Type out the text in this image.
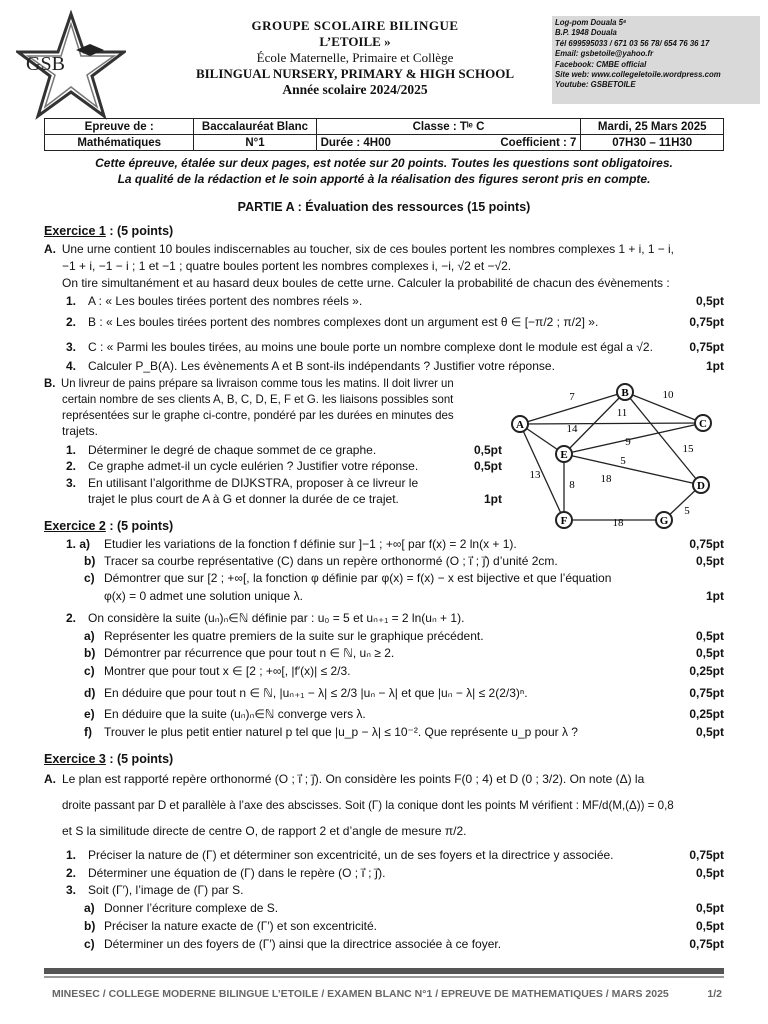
GSB
GROUPE SCOLAIRE BILINGUE
L’ETOILE »
École Maternelle, Primaire et Collège
BILINGUAL NURSERY, PRIMARY & HIGH SCHOOL
Année scolaire 2024/2025
Log-pom Douala 5ᵉ
B.P. 1948 Douala
Tél 699595033 / 671 03 56 78/ 654 76 36 17
Email: gsbetoile@yahoo.fr
Facebook: CMBE official
Site web: www.collegeletoile.wordpress.com
Youtube: GSBETOILE
Epreuve de :	Baccalauréat Blanc	Classe : Tˡᵉ C		Mardi, 25 Mars 2025
Mathématiques	N°1	Durée : 4H00	Coefficient : 7	07H30 – 11H30
Cette épreuve, étalée sur deux pages, est notée sur 20 points. Toutes les questions sont obligatoires.
La qualité de la rédaction et le soin apporté à la réalisation des figures seront pris en compte.
PARTIE A : Évaluation des ressources (15 points)
Exercice 1 : (5 points)
A. Une urne contient 10 boules indiscernables au toucher, six de ces boules portent les nombres complexes 1 + i, 1 − i,
−1 + i, −1 − i ; 1 et −1 ; quatre boules portent les nombres complexes i, −i, √2 et −√2.
On tire simultanément et au hasard deux boules de cette urne. Calculer la probabilité de chacun des évènements :
1. A : « Les boules tirées portent des nombres réels ».	0,5pt
2. B : « Les boules tirées portent des nombres complexes dont un argument est θ ∈ [−π/2 ; π/2] ».	0,75pt
3. C : « Parmi les boules tirées, au moins une boule porte un nombre complexe dont le module est égal a √2.	0,75pt
4. Calculer P_B(A). Les évènements A et B sont-ils indépendants ? Justifier votre réponse.	1pt
B. Un livreur de pains prépare sa livraison comme tous les matins. Il doit livrer un
certain nombre de ses clients A, B, C, D, E, F et G. les liaisons possibles sont
représentées sur le graphe ci-contre, pondéré par les durées en minutes des
trajets.
1. Déterminer le degré de chaque sommet de ce graphe.	0,5pt
2. Ce graphe admet-il un cycle eulérien ? Justifier votre réponse.	0,5pt
3. En utilisant l’algorithme de DIJKSTRA, proposer à ce livreur le
trajet le plus court de A à G et donner la durée de ce trajet.	1pt
7	10
11
14
9
5
15
13
8 18
18
5
A
B
C
D
E
F	G
Exercice 2 : (5 points)
1. a) Etudier les variations de la fonction f définie sur ]−1 ; +∞[ par f(x) = 2 ln(x + 1).	0,75pt
b) Tracer sa courbe représentative (C) dans un repère orthonormé (O ; i⃗ ; j⃗) d’unité 2cm.	0,5pt
c) Démontrer que sur [2 ; +∞[, la fonction φ définie par φ(x) = f(x) − x est bijective et que l’équation
φ(x) = 0 admet une solution unique λ.	1pt
2. On considère la suite (uₙ)ₙ∈ℕ définie par : u₀ = 5 et uₙ₊₁ = 2 ln(uₙ + 1).
a) Représenter les quatre premiers de la suite sur le graphique précédent.	0,5pt
b) Démontrer par récurrence que pour tout n ∈ ℕ, uₙ ≥ 2.	0,5pt
c) Montrer que pour tout x ∈ [2 ; +∞[, |f′(x)| ≤ 2/3.	0,25pt
d) En déduire que pour tout n ∈ ℕ, |uₙ₊₁ − λ| ≤ 2/3 |uₙ − λ| et que |uₙ − λ| ≤ 2(2/3)ⁿ.	0,75pt
e) En déduire que la suite (uₙ)ₙ∈ℕ converge vers λ.	0,25pt
f) Trouver le plus petit entier naturel p tel que |u_p − λ| ≤ 10⁻². Que représente u_p pour λ ?	0,5pt
Exercice 3 : (5 points)
A. Le plan est rapporté repère orthonormé (O ; i⃗ ; j⃗). On considère les points F(0 ; 4) et D (0 ; 3/2). On note (Δ) la
droite passant par D et parallèle à l’axe des abscisses. Soit (Γ) la conique dont les points M vérifient : MF/d(M,(Δ)) = 0,8
et S la similitude directe de centre O, de rapport 2 et d’angle de mesure π/2.
1. Préciser la nature de (Γ) et déterminer son excentricité, un de ses foyers et la directrice y associée.	0,75pt
2. Déterminer une équation de (Γ) dans le repère (O ; i⃗ ; j⃗).	0,5pt
3. Soit (Γ′), l’image de (Γ) par S.
a) Donner l’écriture complexe de S.	0,5pt
b) Préciser la nature exacte de (Γ′) et son excentricité.	0,5pt
c) Déterminer un des foyers de (Γ′) ainsi que la directrice associée à ce foyer.	0,75pt
MINESEC / COLLEGE MODERNE BILINGUE L’ETOILE / EXAMEN BLANC N°1 / EPREUVE DE MATHEMATIQUES / MARS 2025	1/2
